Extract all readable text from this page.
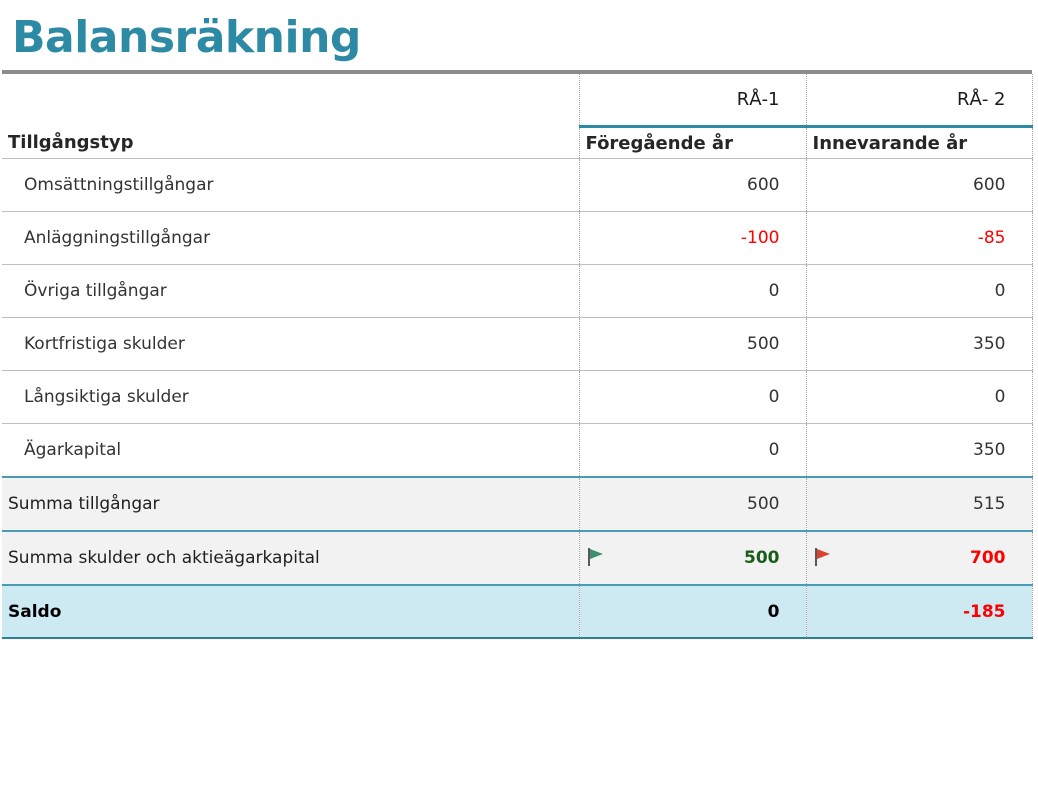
Balansräkning
	RÅ-1	RÅ- 2
Tillgångstyp	Föregående år	Innevarande år
Omsättningstillgångar	600	600
Anläggningstillgångar	-100	-85
Övriga tillgångar	0	0
Kortfristiga skulder	500	350
Långsiktiga skulder	0	0
Ägarkapital	0	350
Summa tillgångar	500	515
Summa skulder och aktieägarkapital	500	700
Saldo	0	-185
